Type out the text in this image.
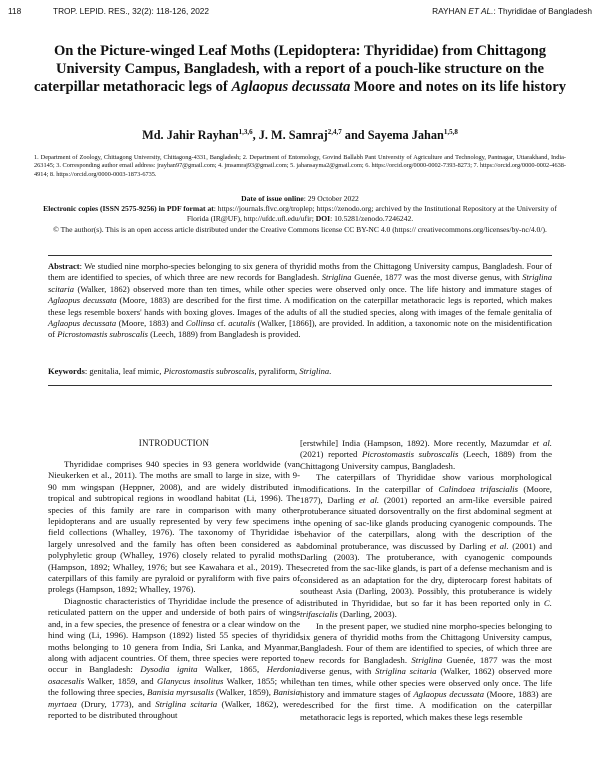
118	TROP. LEPID. RES., 32(2): 118-126, 2022	RAYHAN ET AL.: Thyrididae of Bangladesh
On the Picture-winged Leaf Moths (Lepidoptera: Thyrididae) from Chittagong University Campus, Bangladesh, with a report of a pouch-like structure on the caterpillar metathoracic legs of Aglaopus decussata Moore and notes on its life history
Md. Jahir Rayhan$^{1,3,6}$, J. M. Samraj$^{2,4,7}$ and Sayema Jahan$^{1,5,8}$
1. Department of Zoology, Chittagong University, Chittagong-4331, Bangladesh; 2. Department of Entomology, Govind Ballabh Pant University of Agriculture and Technology, Pantnagar, Uttarakhand, India- 263145; 3. Corresponding author email address: jrayhan97@gmail.com; 4. jmsamraj93@gmail.com; 5. jahansayma2@gmail.com; 6. https://orcid.org/0000-0002-7393-8273; 7. https://orcid.org/0000-0002-4638-4914; 8. https://orcid.org/0000-0003-1873-6735.
Date of issue online: 29 October 2022
Electronic copies (ISSN 2575-9256) in PDF format at: https://journals.flvc.org/troplep; https://zenodo.org; archived by the Institutional Repository at the University of Florida (IR@UF), http://ufdc.ufl.edu/ufir; DOI: 10.5281/zenodo.7246242.
© The author(s). This is an open access article distributed under the Creative Commons license CC BY-NC 4.0 (https:// creativecommons.org/licenses/by-nc/4.0/).
Abstract: We studied nine morpho-species belonging to six genera of thyridid moths from the Chittagong University campus, Bangladesh. Four of them are identified to species, of which three are new records for Bangladesh. Striglina Guenée, 1877 was the most diverse genus, with Striglina scitaria (Walker, 1862) observed more than ten times, while other species were observed only once. The life history and immature stages of Aglaopus decussata (Moore, 1883) are described for the first time. A modification on the caterpillar metathoracic legs is reported, which makes these legs resemble boxers' hands with boxing gloves. Images of the adults of all the studied species, along with images of the female genitalia of Aglaopus decussata (Moore, 1883) and Collinsa cf. acutalis (Walker, [1866]), are provided. In addition, a taxonomic note on the misidentification of Picrostomastis subroscalis (Leech, 1889) from Bangladesh is provided.
Keywords: genitalia, leaf mimic, Picrostomastis subroscalis, pyraliform, Striglina.
INTRODUCTION

Thyrididae comprises 940 species in 93 genera worldwide (van Nieukerken et al., 2011). The moths are small to large in size, with 9-90 mm wingspan (Heppner, 2008), and are widely distributed in tropical and subtropical regions in woodland habitat (Li, 1996). The species of this family are rare in comparison with many other lepidopterans and are usually represented by very few specimens in field collections (Whalley, 1976). The taxonomy of Thyrididae is largely unresolved and the family has often been considered as a polyphyletic group (Whalley, 1976) closely related to pyralid moths (Hampson, 1892; Whalley, 1976; but see Kawahara et al., 2019). The caterpillars of this family are pyraloid or pyraliform with five pairs of prolegs (Hampson, 1892; Whalley, 1976).

Diagnostic characteristics of Thyrididae include the presence of a reticulated pattern on the upper and underside of both pairs of wings and, in a few species, the presence of fenestra or a clear window on the hind wing (Li, 1996). Hampson (1892) listed 55 species of thyridid moths belonging to 10 genera from India, Sri Lanka, and Myanmar, along with adjacent countries. Of them, three species were reported to occur in Bangladesh: Dysodia ignita Walker, 1865, Herdonia osacesalis Walker, 1859, and Glanycus insolitus Walker, 1855; while the following three species, Banisia myrsusalis (Walker, 1859), Banisia myrtaea (Drury, 1773), and Striglina scitaria (Walker, 1862), were reported to be distributed throughout

[erstwhile] India (Hampson, 1892). More recently, Mazumdar et al. (2021) reported Picrostomastis subroscalis (Leech, 1889) from the Chittagong University campus, Bangladesh.

The caterpillars of Thyrididae show various morphological modifications. In the caterpillar of Calindoea trifascialis (Moore, 1877), Darling et al. (2001) reported an arm-like eversible paired protuberance situated dorsoventrally on the first abdominal segment at the opening of sac-like glands producing cyanogenic compounds. The behavior of the caterpillars, along with the description of the abdominal protuberance, was discussed by Darling et al. (2001) and Darling (2003). The protuberance, with cyanogenic compounds secreted from the sac-like glands, is part of a defense mechanism and is considered as an adaptation for the dry, dipterocarp forest habitats of southeast Asia (Darling, 2003). Possibly, this protuberance is widely distributed in Thyrididae, but so far it has been reported only in C. trifascialis (Darling, 2003).

In the present paper, we studied nine morpho-species belonging to six genera of thyridid moths from the Chittagong University campus, Bangladesh. Four of them are identified to species, of which three are new records for Bangladesh. Striglina Guenée, 1877 was the most diverse genus, with Striglina scitaria (Walker, 1862) observed more than ten times, while other species were observed only once. The life history and immature stages of Aglaopus decussata (Moore, 1883) are described for the first time. A modification on the caterpillar metathoracic legs is reported, which makes these legs resemble
